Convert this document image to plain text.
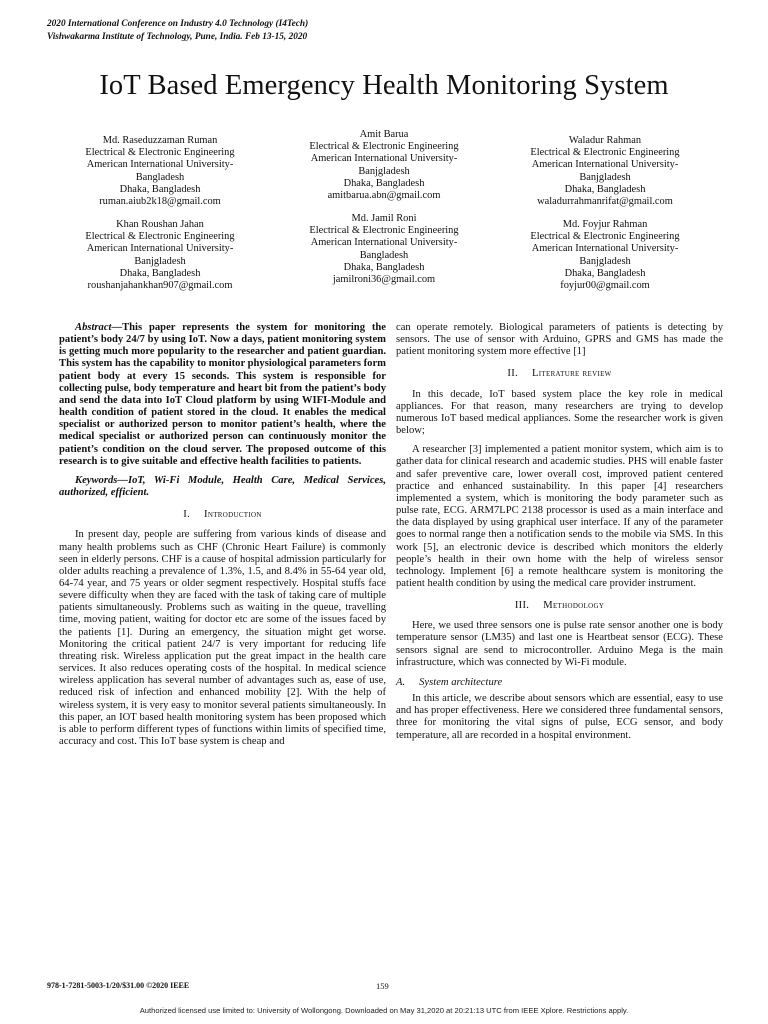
2020 International Conference on Industry 4.0 Technology (I4Tech)
Vishwakarma Institute of Technology, Pune, India. Feb 13-15, 2020
IoT Based Emergency Health Monitoring System
Md. Raseduzzaman Ruman
Electrical & Electronic Engineering
American International University-
Bangladesh
Dhaka, Bangladesh
ruman.aiub2k18@gmail.com
Amit Barua
Electrical & Electronic Engineering
American International University-
Banjgladesh
Dhaka, Bangladesh
amitbarua.abn@gmail.com
Waladur Rahman
Electrical & Electronic Engineering
American International University-
Banjgladesh
Dhaka, Bangladesh
waladurrahmanrifat@gmail.com
Khan Roushan Jahan
Electrical & Electronic Engineering
American International University-
Banjgladesh
Dhaka, Bangladesh
roushanjahankhan907@gmail.com
Md. Jamil Roni
Electrical & Electronic Engineering
American International University-
Bangladesh
Dhaka, Bangladesh
jamilroni36@gmail.com
Md. Foyjur Rahman
Electrical & Electronic Engineering
American International University-
Banjgladesh
Dhaka, Bangladesh
foyjur00@gmail.com

Abstract—This paper represents the system for monitoring the patient’s body 24/7 by using IoT. Now a days, patient monitoring system is getting much more popularity to the researcher and patient guardian. This system has the capability to monitor physiological parameters form patient body at every 15 seconds. This system is responsible for collecting pulse, body temperature and heart bit from the patient’s body and send the data into IoT Cloud platform by using WIFI-Module and health condition of patient stored in the cloud. It enables the medical specialist or authorized person to monitor patient’s health, where the medical specialist or authorized person can continuously monitor the patient’s condition on the cloud server. The proposed outcome of this research is to give suitable and effective health facilities to patients.

Keywords—IoT, Wi-Fi Module, Health Care, Medical Services, authorized, efficient.

I. Introduction

In present day, people are suffering from various kinds of disease and many health problems such as CHF (Chronic Heart Failure) is commonly seen in elderly persons. CHF is a cause of hospital admission particularly for older adults reaching a prevalence of 1.3%, 1.5, and 8.4% in 55-64 year old, 64-74 year, and 75 years or older segment respectively. Hospital stuffs face severe difficulty when they are faced with the task of taking care of multiple patients simultaneously. Problems such as waiting in the queue, travelling time, moving patient, waiting for doctor etc are some of the issues faced by the patients [1]. During an emergency, the situation might get worse. Monitoring the critical patient 24/7 is very important for reducing life threating risk. Wireless application put the great impact in the health care services. It also reduces operating costs of the hospital. In medical science wireless application has several number of advantages such as, ease of use, reduced risk of infection and enhanced mobility [2]. With the help of wireless system, it is very easy to monitor several patients simultaneously. In this paper, an IOT based health monitoring system has been proposed which is able to perform different types of functions within limits of specified time, accuracy and cost. This IoT base system is cheap and

can operate remotely. Biological parameters of patients is detecting by sensors. The use of sensor with Arduino, GPRS and GMS has made the patient monitoring system more effective [1]

II. Literature review

In this decade, IoT based system place the key role in medical appliances. For that reason, many researchers are trying to develop numerous IoT based medical appliances. Some the researcher work is given below;

A researcher [3] implemented a patient monitor system, which aim is to gather data for clinical research and academic studies. PHS will enable faster and safer preventive care, lower overall cost, improved patient centered practice and enhanced sustainability. In this paper [4] researchers implemented a system, which is monitoring the body parameter such as pulse rate, ECG. ARM7LPC 2138 processor is used as a main interface and the data displayed by using graphical user interface. If any of the parameter goes to normal range then a notification sends to the mobile via SMS. In this work [5], an electronic device is described which monitors the elderly people’s health in their own home with the help of wireless sensor technology. Implement [6] a remote healthcare system is monitoring the patient health condition by using the medical care provider instrument.

III. Methodology

Here, we used three sensors one is pulse rate sensor another one is body temperature sensor (LM35) and last one is Heartbeat sensor (ECG). These sensors signal are send to microcontroller. Arduino Mega is the main infrastructure, which was connected by Wi-Fi module.

A. System architecture

In this article, we describe about sensors which are essential, easy to use and has proper effectiveness. Here we considered three fundamental sensors, three for monitoring the vital signs of pulse, ECG sensor, and body temperature, all are recorded in a hospital environment.

978-1-7281-5003-1/20/$31.00 ©2020 IEEE	159
Authorized licensed use limited to: University of Wollongong. Downloaded on May 31,2020 at 20:21:13 UTC from IEEE Xplore. Restrictions apply.
